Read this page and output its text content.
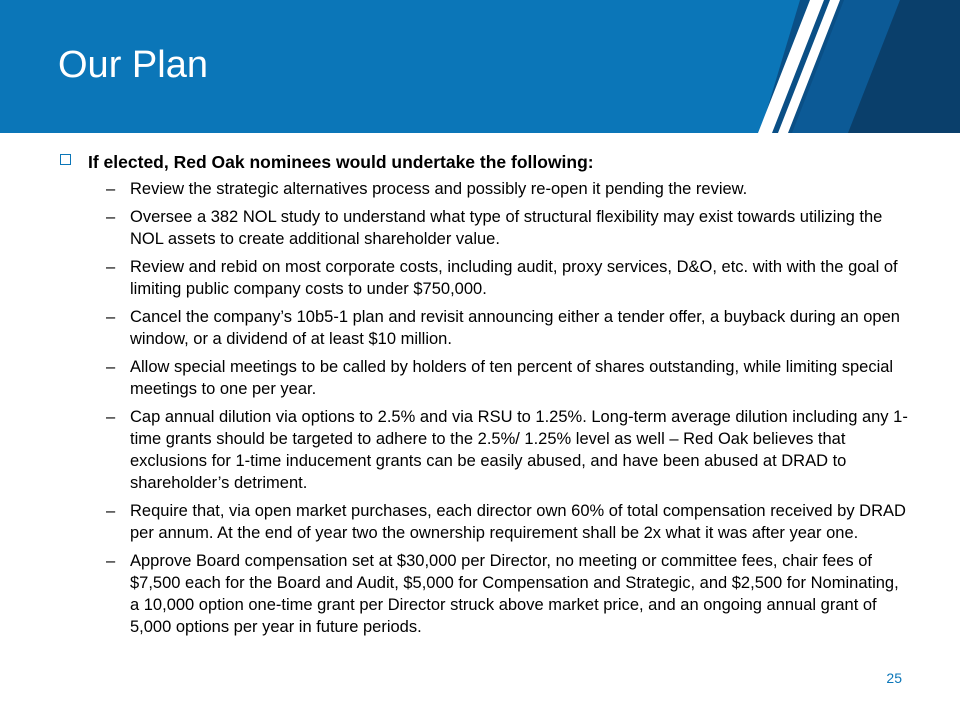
Our Plan
If elected, Red Oak nominees would undertake the following:
– Review the strategic alternatives process and possibly re-open it pending the review.
– Oversee a 382 NOL study to understand what type of structural flexibility may exist towards utilizing the NOL assets to create additional shareholder value.
– Review and rebid on most corporate costs, including audit, proxy services, D&O, etc. with with the goal of limiting public company costs to under $750,000.
– Cancel the company’s 10b5-1 plan and revisit announcing either a tender offer, a buyback during an open window, or a dividend of at least $10 million.
– Allow special meetings to be called by holders of ten percent of shares outstanding, while limiting special meetings to one per year.
– Cap annual dilution via options to 2.5% and via RSU to 1.25%. Long-term average dilution including any 1-time grants should be targeted to adhere to the 2.5%/ 1.25% level as well – Red Oak believes that exclusions for 1-time inducement grants can be easily abused, and have been abused at DRAD to shareholder’s detriment.
– Require that, via open market purchases, each director own 60% of total compensation received by DRAD per annum. At the end of year two the ownership requirement shall be 2x what it was after year one.
– Approve Board compensation set at $30,000 per Director, no meeting or committee fees, chair fees of $7,500 each for the Board and Audit, $5,000 for Compensation and Strategic, and $2,500 for Nominating, a 10,000 option one-time grant per Director struck above market price, and an ongoing annual grant of 5,000 options per year in future periods.
25
